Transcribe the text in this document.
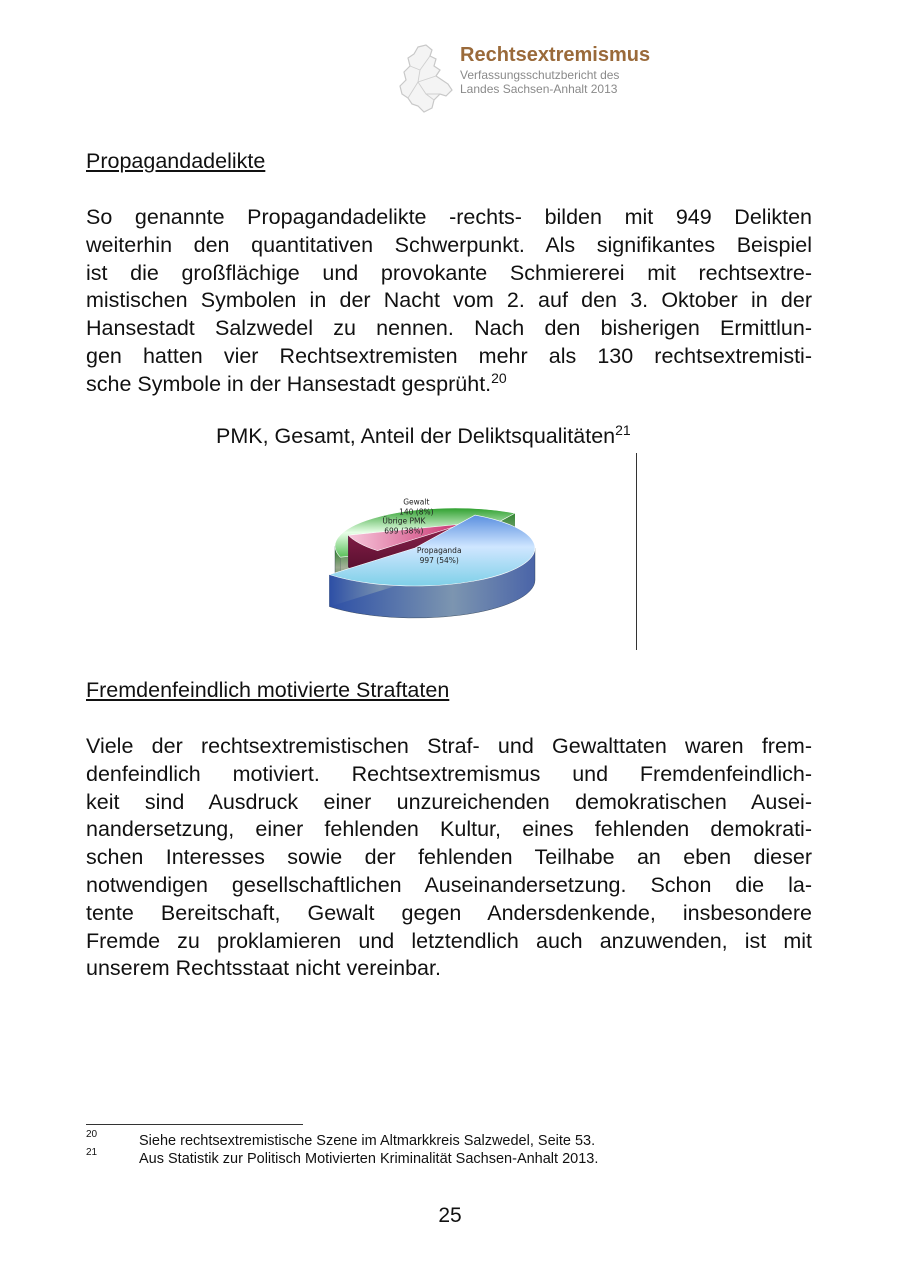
Rechtsextremismus
Verfassungsschutzbericht des
Landes Sachsen-Anhalt 2013
Propagandadelikte
So genannte Propagandadelikte -rechts- bilden mit 949 Delikten
weiterhin den quantitativen Schwerpunkt. Als signifikantes Beispiel
ist die großflächige und provokante Schmiererei mit rechtsextre-
mistischen Symbolen in der Nacht vom 2. auf den 3. Oktober in der
Hansestadt Salzwedel zu nennen. Nach den bisherigen Ermittlun-
gen hatten vier Rechtsextremisten mehr als 130 rechtsextremisti-
sche Symbole in der Hansestadt gesprüht.$^{20}$
PMK, Gesamt, Anteil der Deliktsqualitäten$^{21}$
Übrige PMK
699 (38%)
Gewalt
140 (8%)
Propaganda
997 (54%)
Fremdenfeindlich motivierte Straftaten
Viele der rechtsextremistischen Straf- und Gewalttaten waren frem-
denfeindlich motiviert. Rechtsextremismus und Fremdenfeindlich-
keit sind Ausdruck einer unzureichenden demokratischen Ausei-
nandersetzung, einer fehlenden Kultur, eines fehlenden demokrati-
schen Interesses sowie der fehlenden Teilhabe an eben dieser
notwendigen gesellschaftlichen Auseinandersetzung. Schon die la-
tente Bereitschaft, Gewalt gegen Andersdenkende, insbesondere
Fremde zu proklamieren und letztendlich auch anzuwenden, ist mit
unserem Rechtsstaat nicht vereinbar.
20	Siehe rechtsextremistische Szene im Altmarkkreis Salzwedel, Seite 53.
21	Aus Statistik zur Politisch Motivierten Kriminalität Sachsen-Anhalt 2013.
25
